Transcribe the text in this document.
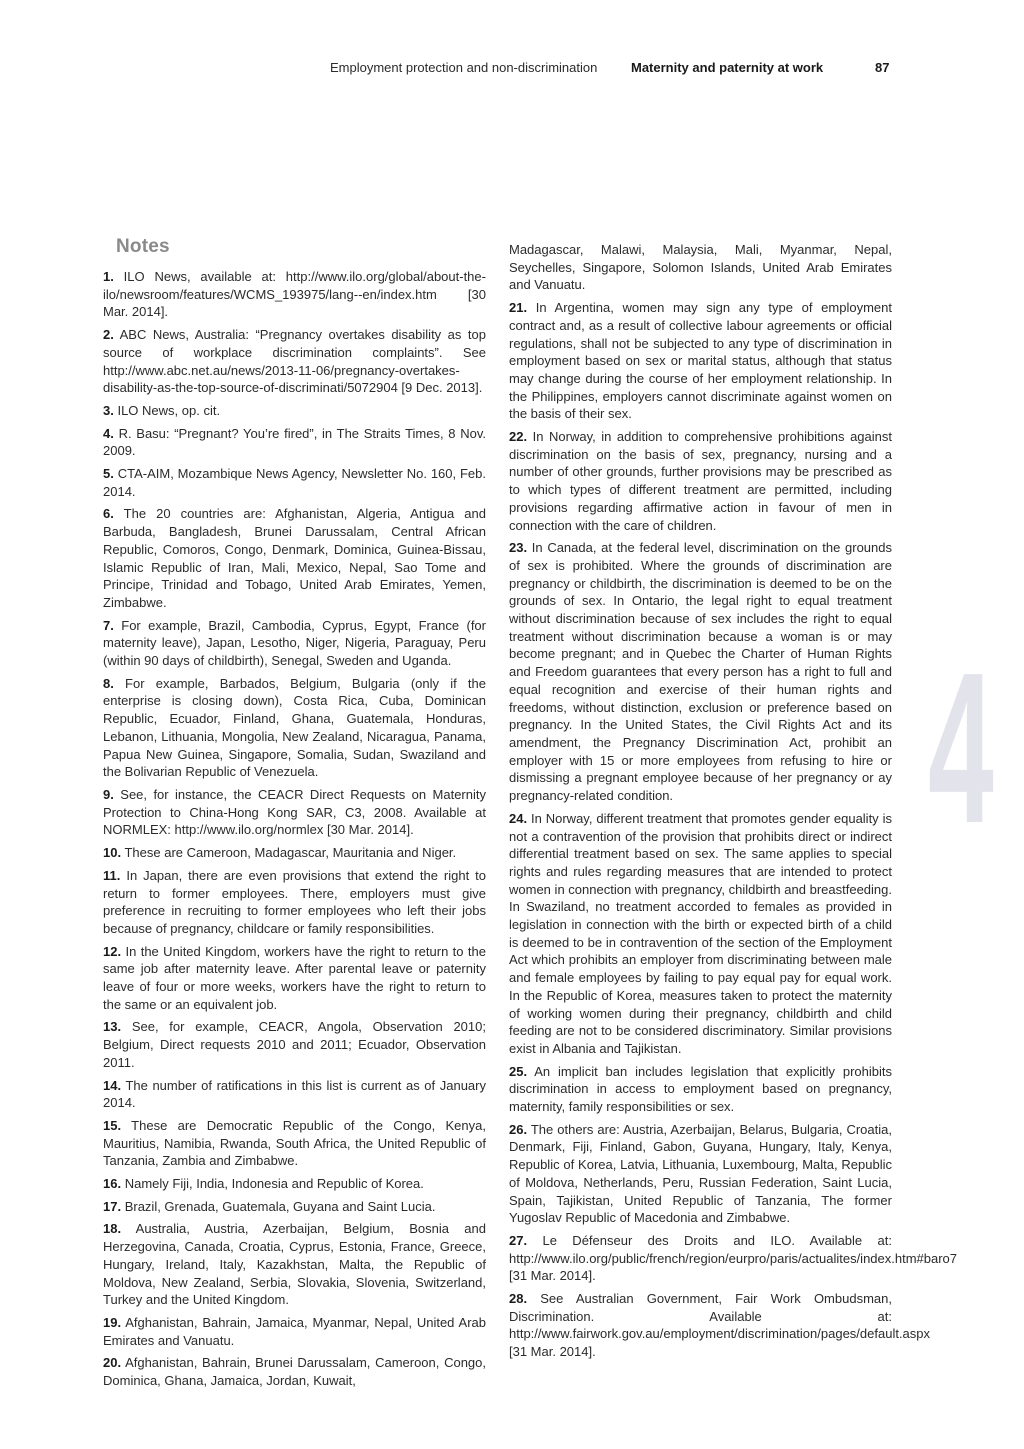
Employment protection and non-discrimination	Maternity and paternity at work	87
Notes

1. ILO News, available at: http://www.ilo.org/global/about-the-ilo/newsroom/features/WCMS_193975/lang--en/index.htm [30 Mar. 2014].

2. ABC News, Australia: “Pregnancy overtakes disability as top source of workplace discrimination complaints”. See http://www.abc.net.au/news/2013-11-06/pregnancy-overtakes-disability-as-the-top-source-of-discriminati/5072904 [9 Dec. 2013].

3. ILO News, op. cit.

4. R. Basu: “Pregnant? You’re fired”, in The Straits Times, 8 Nov. 2009.

5. CTA-AIM, Mozambique News Agency, Newsletter No. 160, Feb. 2014.

6. The 20 countries are: Afghanistan, Algeria, Antigua and Barbuda, Bangladesh, Brunei Darussalam, Central African Republic, Comoros, Congo, Denmark, Dominica, Guinea-Bissau, Islamic Republic of Iran, Mali, Mexico, Nepal, Sao Tome and Principe, Trinidad and Tobago, United Arab Emirates, Yemen, Zimbabwe.

7. For example, Brazil, Cambodia, Cyprus, Egypt, France (for maternity leave), Japan, Lesotho, Niger, Nigeria, Paraguay, Peru (within 90 days of childbirth), Senegal, Sweden and Uganda.

8. For example, Barbados, Belgium, Bulgaria (only if the enterprise is closing down), Costa Rica, Cuba, Dominican Republic, Ecuador, Finland, Ghana, Guatemala, Honduras, Lebanon, Lithuania, Mongolia, New Zealand, Nicaragua, Panama, Papua New Guinea, Singapore, Somalia, Sudan, Swaziland and the Bolivarian Republic of Venezuela.

9. See, for instance, the CEACR Direct Requests on Maternity Protection to China-Hong Kong SAR, C3, 2008. Available at NORMLEX: http://www.ilo.org/normlex [30 Mar. 2014].

10. These are Cameroon, Madagascar, Mauritania and Niger.

11. In Japan, there are even provisions that extend the right to return to former employees. There, employers must give preference in recruiting to former employees who left their jobs because of pregnancy, childcare or family responsibilities.

12. In the United Kingdom, workers have the right to return to the same job after maternity leave. After parental leave or paternity leave of four or more weeks, workers have the right to return to the same or an equivalent job.

13. See, for example, CEACR, Angola, Observation 2010; Belgium, Direct requests 2010 and 2011; Ecuador, Observation 2011.

14. The number of ratifications in this list is current as of January 2014.

15. These are Democratic Republic of the Congo, Kenya, Mauritius, Namibia, Rwanda, South Africa, the United Republic of Tanzania, Zambia and Zimbabwe.

16. Namely Fiji, India, Indonesia and Republic of Korea.

17. Brazil, Grenada, Guatemala, Guyana and Saint Lucia.

18. Australia, Austria, Azerbaijan, Belgium, Bosnia and Herzegovina, Canada, Croatia, Cyprus, Estonia, France, Greece, Hungary, Ireland, Italy, Kazakhstan, Malta, the Republic of Moldova, New Zealand, Serbia, Slovakia, Slovenia, Switzerland, Turkey and the United Kingdom.

19. Afghanistan, Bahrain, Jamaica, Myanmar, Nepal, United Arab Emirates and Vanuatu.

20. Afghanistan, Bahrain, Brunei Darussalam, Cameroon, Congo, Dominica, Ghana, Jamaica, Jordan, Kuwait,

Madagascar, Malawi, Malaysia, Mali, Myanmar, Nepal, Seychelles, Singapore, Solomon Islands, United Arab Emirates and Vanuatu.

21. In Argentina, women may sign any type of employment contract and, as a result of collective labour agreements or official regulations, shall not be subjected to any type of discrimination in employment based on sex or marital status, although that status may change during the course of her employment relationship. In the Philippines, employers cannot discriminate against women on the basis of their sex.

22. In Norway, in addition to comprehensive prohibitions against discrimination on the basis of sex, pregnancy, nursing and a number of other grounds, further provisions may be prescribed as to which types of different treatment are permitted, including provisions regarding affirmative action in favour of men in connection with the care of children.

23. In Canada, at the federal level, discrimination on the grounds of sex is prohibited. Where the grounds of discrimination are pregnancy or childbirth, the discrimination is deemed to be on the grounds of sex. In Ontario, the legal right to equal treatment without discrimination because of sex includes the right to equal treatment without discrimination because a woman is or may become pregnant; and in Quebec the Charter of Human Rights and Freedom guarantees that every person has a right to full and equal recognition and exercise of their human rights and freedoms, without distinction, exclusion or preference based on pregnancy. In the United States, the Civil Rights Act and its amendment, the Pregnancy Discrimination Act, prohibit an employer with 15 or more employees from refusing to hire or dismissing a pregnant employee because of her pregnancy or ay pregnancy-related condition.

24. In Norway, different treatment that promotes gender equality is not a contravention of the provision that prohibits direct or indirect differential treatment based on sex. The same applies to special rights and rules regarding measures that are intended to protect women in connection with pregnancy, childbirth and breastfeeding. In Swaziland, no treatment accorded to females as provided in legislation in connection with the birth or expected birth of a child is deemed to be in contravention of the section of the Employment Act which prohibits an employer from discriminating between male and female employees by failing to pay equal pay for equal work. In the Republic of Korea, measures taken to protect the maternity of working women during their pregnancy, childbirth and child feeding are not to be considered discriminatory. Similar provisions exist in Albania and Tajikistan.

25. An implicit ban includes legislation that explicitly prohibits discrimination in access to employment based on pregnancy, maternity, family responsibilities or sex.

26. The others are: Austria, Azerbaijan, Belarus, Bulgaria, Croatia, Denmark, Fiji, Finland, Gabon, Guyana, Hungary, Italy, Kenya, Republic of Korea, Latvia, Lithuania, Luxembourg, Malta, Republic of Moldova, Netherlands, Peru, Russian Federation, Saint Lucia, Spain, Tajikistan, United Republic of Tanzania, The former Yugoslav Republic of Macedonia and Zimbabwe.

27. Le Défenseur des Droits and ILO. Available at: http://www.ilo.org/public/french/region/eurpro/paris/actualites/index.htm#baro7 [31 Mar. 2014].

28. See Australian Government, Fair Work Ombudsman, Discrimination. Available at: http://www.fairwork.gov.au/employment/discrimination/pages/default.aspx [31 Mar. 2014].

4
